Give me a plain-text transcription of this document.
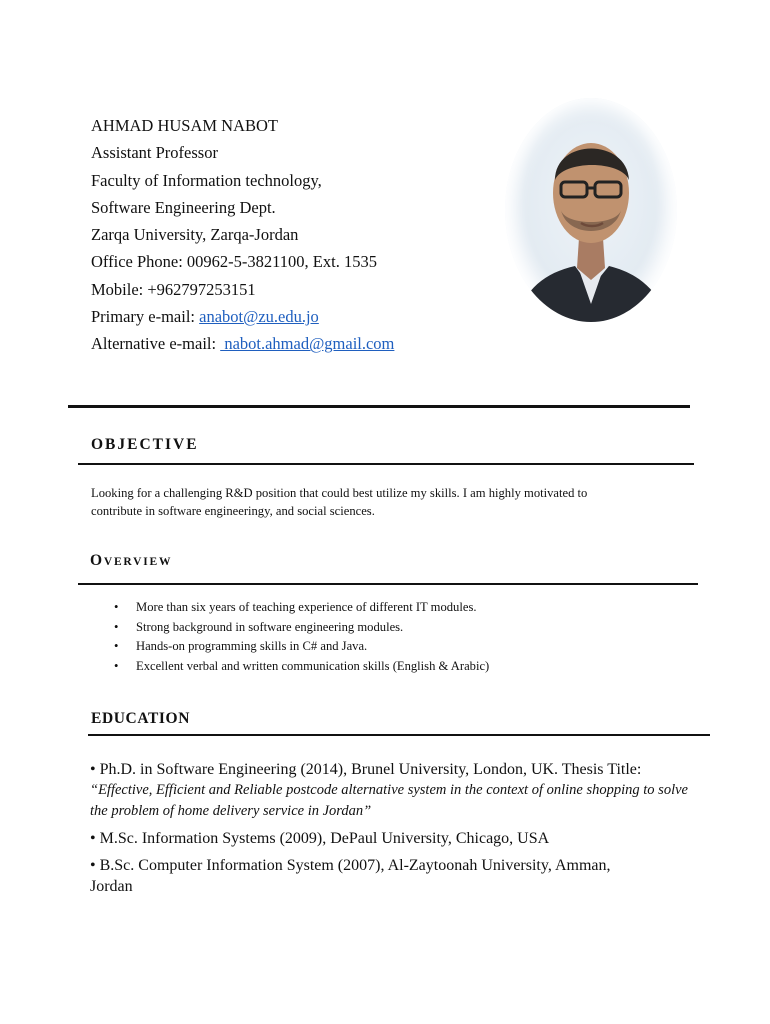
AHMAD HUSAM NABOT
Assistant Professor
Faculty of Information technology,
Software Engineering Dept.
Zarqa University, Zarqa-Jordan
Office Phone: 00962-5-3821100, Ext. 1535
Mobile: +962797253151
Primary e-mail: anabot@zu.edu.jo
Alternative e-mail:  nabot.ahmad@gmail.com
OBJECTIVE
Looking for a challenging R&D position that could best utilize my skills. I am highly motivated to
contribute in software engineeringy, and social sciences.
OVERVIEW
• More than six years of teaching experience of different IT modules.
• Strong background in software engineering modules.
• Hands-on programming skills in C# and Java.
• Excellent verbal and written communication skills (English & Arabic)
EDUCATION
• Ph.D. in Software Engineering (2014), Brunel University, London, UK. Thesis Title:
“Effective, Efficient and Reliable postcode alternative system in the context of online shopping to solve
the problem of home delivery service in Jordan”
• M.Sc. Information Systems (2009), DePaul University, Chicago, USA
• B.Sc. Computer Information System (2007), Al-Zaytoonah University, Amman,
Jordan
